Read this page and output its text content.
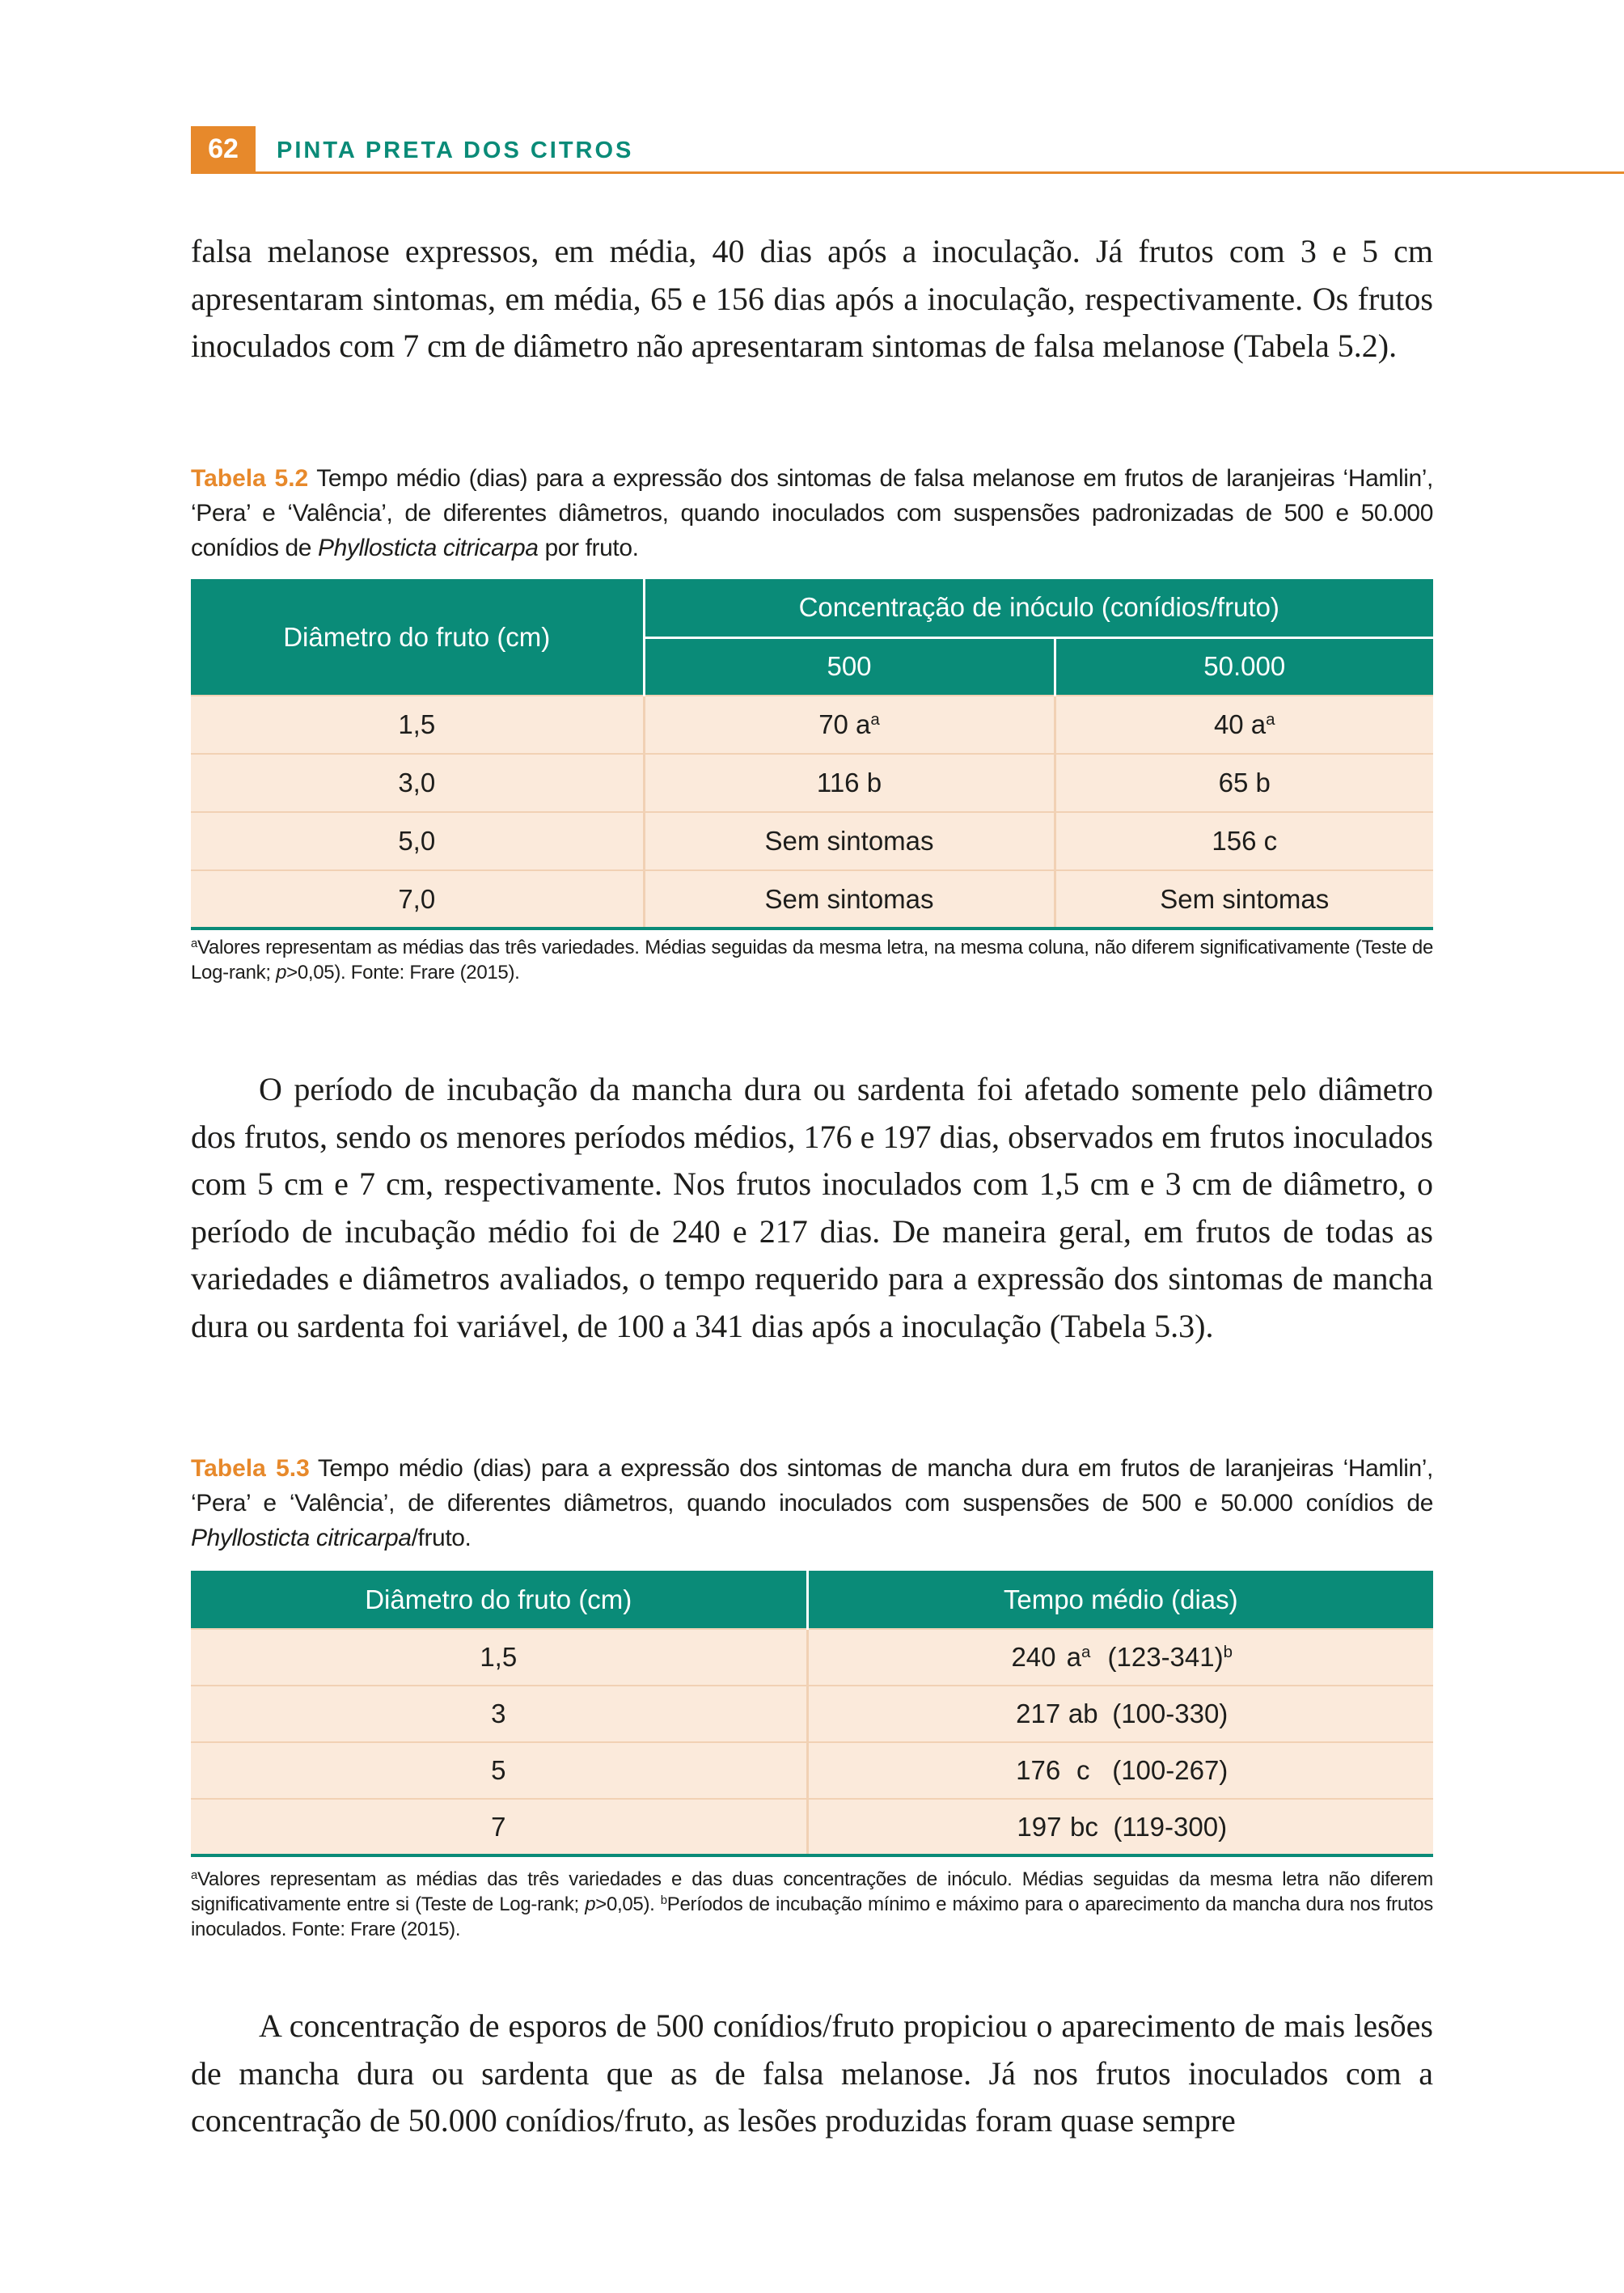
62	PINTA PRETA DOS CITROS

falsa melanose expressos, em média, 40 dias após a inoculação. Já frutos com 3 e 5 cm apresentaram sintomas, em média, 65 e 156 dias após a inoculação, respectivamente. Os frutos inoculados com 7 cm de diâmetro não apresentaram sintomas de falsa melanose (Tabela 5.2).

Tabela 5.2 Tempo médio (dias) para a expressão dos sintomas de falsa melanose em frutos de laranjeiras ‘Hamlin’, ‘Pera’ e ‘Valência’, de diferentes diâmetros, quando inoculados com suspensões padronizadas de 500 e 50.000 conídios de Phyllosticta citricarpa por fruto.

Diâmetro do fruto (cm)	Concentração de inóculo (conídios/fruto)	
	500	50.000
1,5	70 $a^a$	40 $a^a$
3,0	116 b	65 b
5,0	Sem sintomas	156 c
7,0	Sem sintomas	Sem sintomas

$^a$Valores representam as médias das três variedades. Médias seguidas da mesma letra, na mesma coluna, não diferem significativamente (Teste de Log-rank; p>0,05). Fonte: Frare (2015).

O período de incubação da mancha dura ou sardenta foi afetado somente pelo diâmetro dos frutos, sendo os menores períodos médios, 176 e 197 dias, observados em frutos inoculados com 5 cm e 7 cm, respectivamente. Nos frutos inoculados com 1,5 cm e 3 cm de diâmetro, o período de incubação médio foi de 240 e 217 dias. De maneira geral, em frutos de todas as variedades e diâmetros avaliados, o tempo requerido para a expressão dos sintomas de mancha dura ou sardenta foi variável, de 100 a 341 dias após a inoculação (Tabela 5.3).

Tabela 5.3 Tempo médio (dias) para a expressão dos sintomas de mancha dura em frutos de laranjeiras ‘Hamlin’, ‘Pera’ e ‘Valência’, de diferentes diâmetros, quando inoculados com suspensões de 500 e 50.000 conídios de Phyllosticta citricarpa/fruto.

Diâmetro do fruto (cm)	Tempo médio (dias)
1,5	240 $a^a$ $(123-341)^b$
3	217 ab (100-330)
5	176 c (100-267)
7	197 bc (119-300)

$^a$Valores representam as médias das três variedades e das duas concentrações de inóculo. Médias seguidas da mesma letra não diferem significativamente entre si (Teste de Log-rank; p>0,05). $^b$Períodos de incubação mínimo e máximo para o aparecimento da mancha dura nos frutos inoculados. Fonte: Frare (2015).

A concentração de esporos de 500 conídios/fruto propiciou o aparecimento de mais lesões de mancha dura ou sardenta que as de falsa melanose. Já nos frutos inoculados com a concentração de 50.000 conídios/fruto, as lesões produzidas foram quase sempre
